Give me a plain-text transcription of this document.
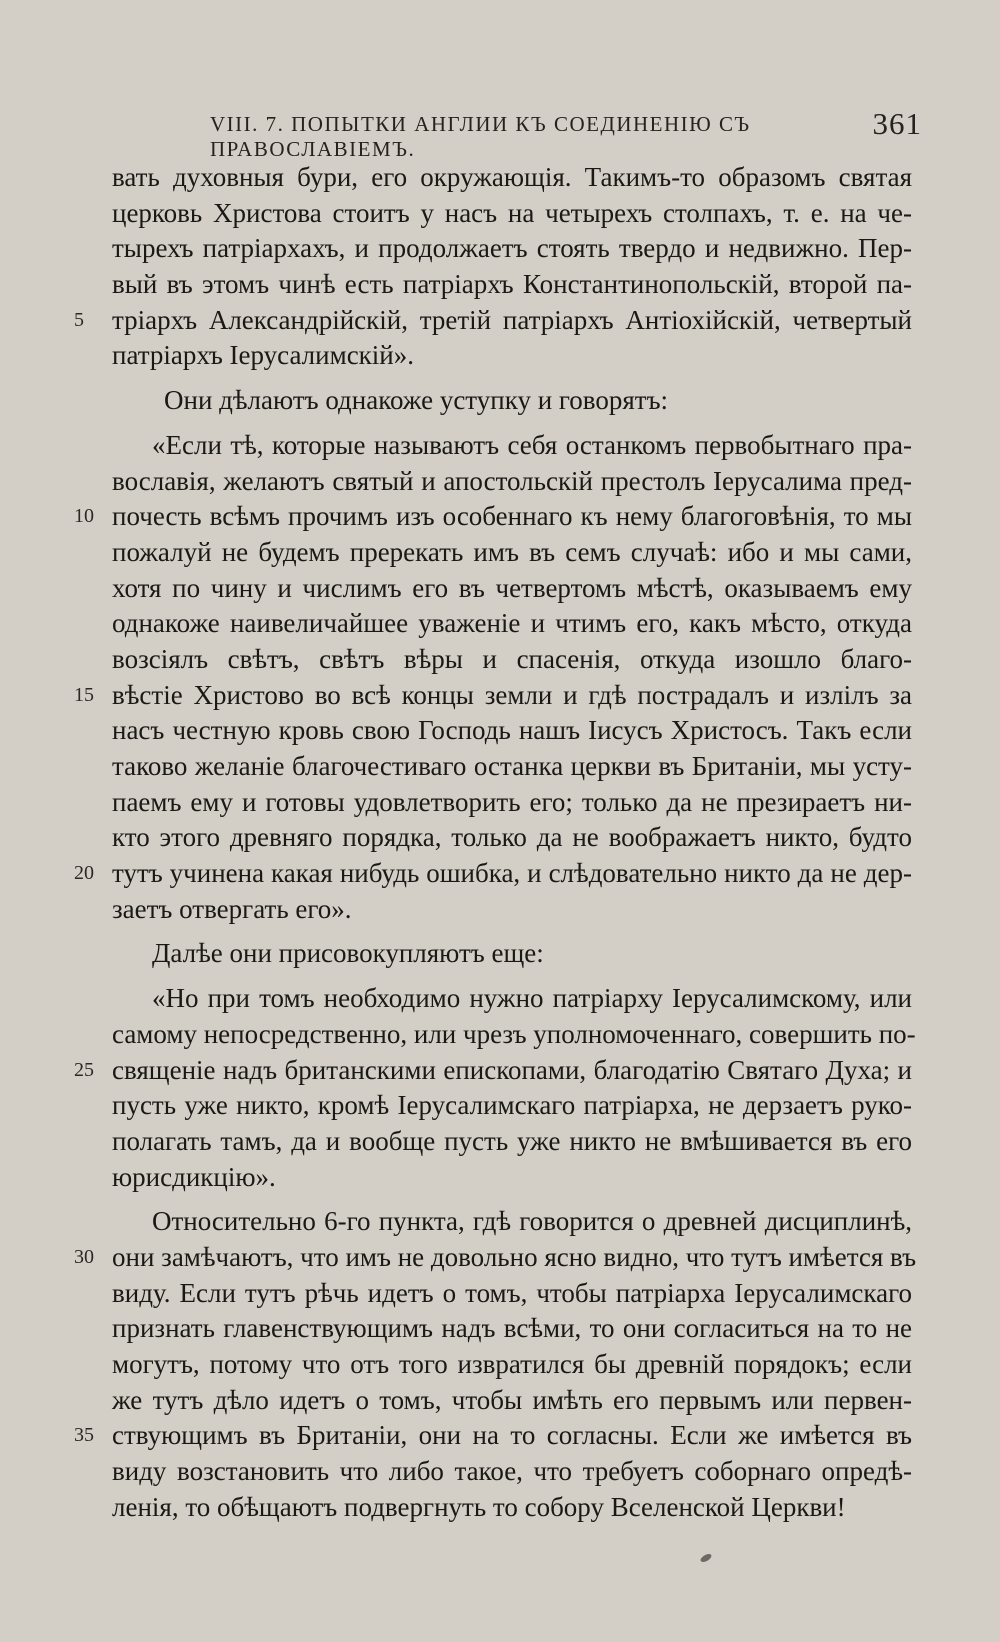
VIII. 7. ПОПЫТКИ АНГЛИИ КЪ СОЕДИНЕНІЮ СЪ ПРАВОСЛАВІЕМЪ.
361
вать духовныя бури, его окружающія. Такимъ-то образомъ святая
церковь Христова стоитъ у насъ на четырехъ столпахъ, т. е. на че-
тырехъ патріархахъ, и продолжаетъ стоять твердо и недвижно. Пер-
вый въ этомъ чинѣ есть патріархъ Константинопольскій, второй па-
5	тріархъ Александрійскій, третій патріархъ Антіохійскій, четвертый
патріархъ Іерусалимскій».
Они дѣлаютъ однакоже уступку и говорятъ:
«Если тѣ, которые называютъ себя останкомъ первобытнаго пра-
вославія, желаютъ святый и апостольскій престолъ Іерусалима пред-
10 почесть всѣмъ прочимъ изъ особеннаго къ нему благоговѣнія, то мы
пожалуй не будемъ пререкать имъ въ семъ случаѣ: ибо и мы сами,
хотя по чину и числимъ его въ четвертомъ мѣстѣ, оказываемъ ему
однакоже наивеличайшее уваженіе и чтимъ его, какъ мѣсто, откуда
возсіялъ свѣтъ, свѣтъ вѣры и спасенія, откуда изошло благо-
15 вѣстіе Христово во всѣ концы земли и гдѣ пострадалъ и излілъ за
насъ честную кровь свою Господь нашъ Іисусъ Христосъ. Такъ если
таково желаніе благочестиваго останка церкви въ Британіи, мы усту-
паемъ ему и готовы удовлетворить его; только да не презираетъ ни-
кто этого древняго порядка, только да не воображаетъ никто, будто
20 тутъ учинена какая нибудь ошибка, и слѣдовательно никто да не дер-
заетъ отвергать его».
Далѣе они присовокупляютъ еще:
«Но при томъ необходимо нужно патріарху Іерусалимскому, или
самому непосредственно, или чрезъ уполномоченнаго, совершить по-
25 священіе надъ британскими епископами, благодатію Святаго Духа; и
пусть уже никто, кромѣ Іерусалимскаго патріарха, не дерзаетъ руко-
полагать тамъ, да и вообще пусть уже никто не вмѣшивается въ его
юрисдикцію».
Относительно 6-го пункта, гдѣ говорится о древней дисциплинѣ,
30 они замѣчаютъ, что имъ не довольно ясно видно, что тутъ имѣется въ
виду. Если тутъ рѣчь идетъ о томъ, чтобы патріарха Іерусалимскаго
признать главенствующимъ надъ всѣми, то они согласиться на то не
могутъ, потому что отъ того извратился бы древній порядокъ; если
же тутъ дѣло идетъ о томъ, чтобы имѣть его первымъ или первен-
35 ствующимъ въ Британіи, они на то согласны. Если же имѣется въ
виду возстановить что либо такое, что требуетъ соборнаго опредѣ-
ленія, то обѣщаютъ подвергнуть то собору Вселенской Церкви!
